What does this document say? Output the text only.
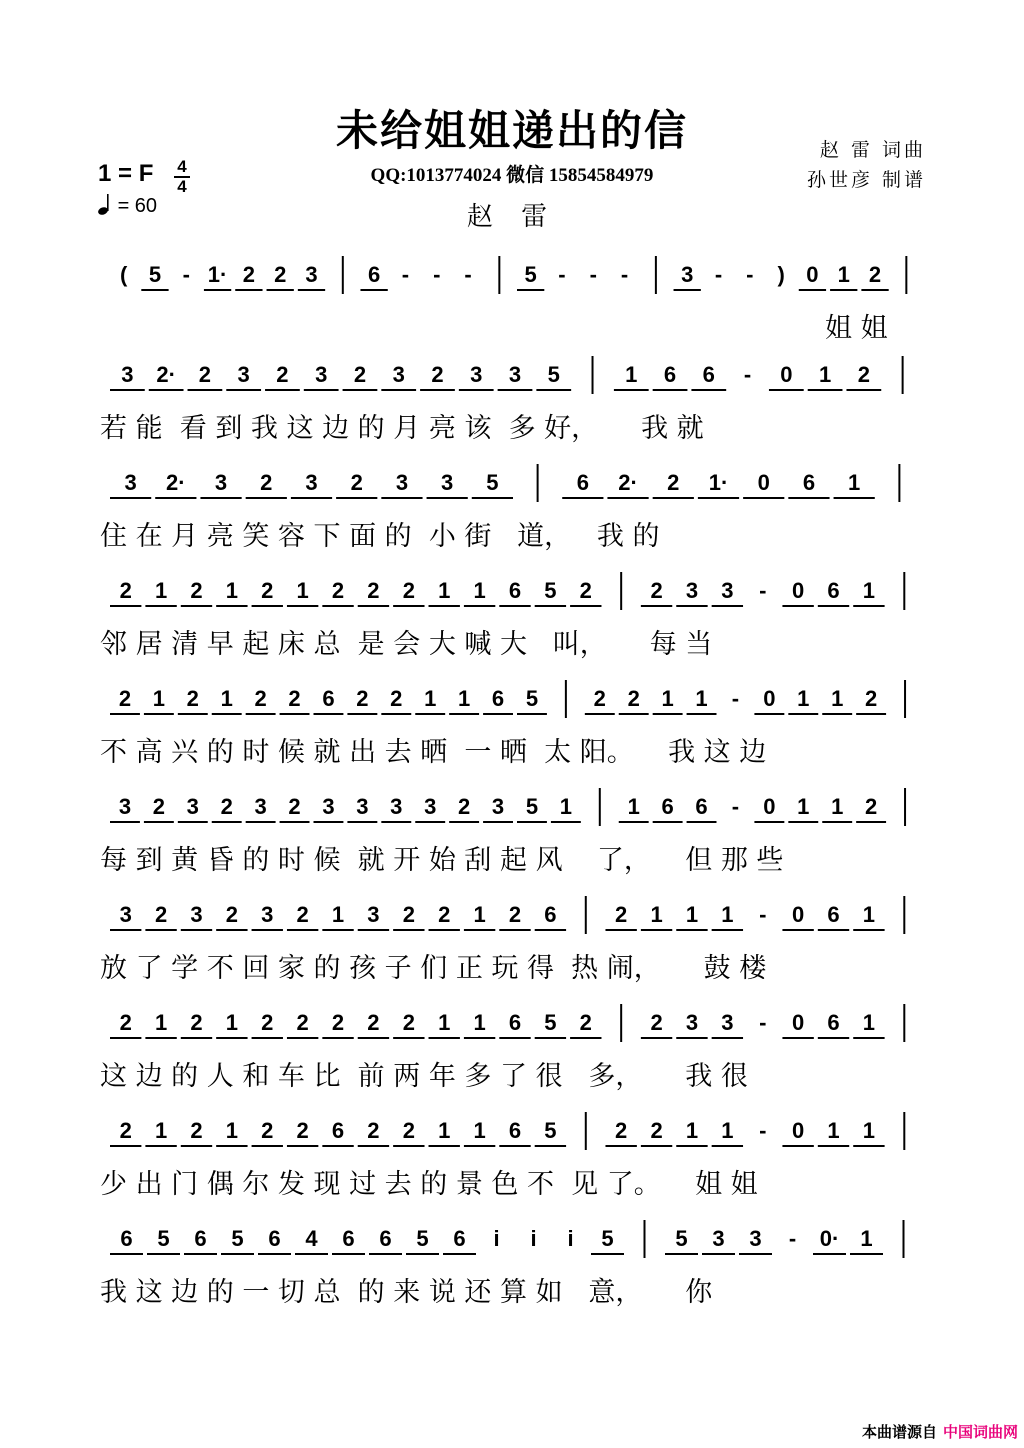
未给姐姐递出的信
QQ:1013774024 微信 15854584979
赵 雷
赵 雷 词曲
孙世彦 制谱
1 = F	4
4
= 60
( 5 - 1· 2 2 3 6 - - - 5 - - - 3 - - ) 0 1 2
姐 姐
3 2· 2 3 2 3 2 3 2 3 3 5	1 6 6 - 0 1 2
若 能  看 到 我 这 边 的 月 亮 该  多 好，     我 就
3 2· 3 2 3 2 3 3 5	6 2· 2 1· 0 6 1
住 在 月 亮 笑 容 下 面 的  小 街   道，   我 的
2 1 2 1 2 1 2 2 2 1 1 6 5 2	2 3 3 - 0 6 1
邻 居 清 早 起 床 总  是 会 大 喊 大   叫，     每 当
2 1 2 1 2 2 6 2 2 1 1 6 5	2 2 1 1 - 0 1 1 2
不 高 兴 的 时 候 就 出 去 晒  一 晒  太 阳。    我 这 边
3 2 3 2 3 2 3 3 3 3 2 3 5 1	1 6 6 - 0 1 1 2
每 到 黄 昏 的 时 候  就 开 始 刮 起 风    了，    但 那 些
3 2 3 2 3 2 1 3 2 2 1 2 6	2 1 1 1 - 0 6 1
放 了 学 不 回 家 的 孩 子 们 正 玩 得  热 闹，     鼓 楼
2 1 2 1 2 2 2 2 2 1 1 6 5 2	2 3 3 - 0 6 1
这 边 的 人 和 车 比  前 两 年 多 了 很   多，     我 很
2 1 2 1 2 2 6 2 2 1 1 6 5	2 2 1 1 - 0 1 1
少 出 门 偶 尔 发 现 过 去 的 景 色 不  见 了。    姐 姐
6 5 6 5 6 4 6 6 5 6 i i i 5	5 3 3 - 0· 1
我 这 边 的 一 切 总  的 来 说 还 算 如   意，     你
本曲谱源自 中国词曲网
